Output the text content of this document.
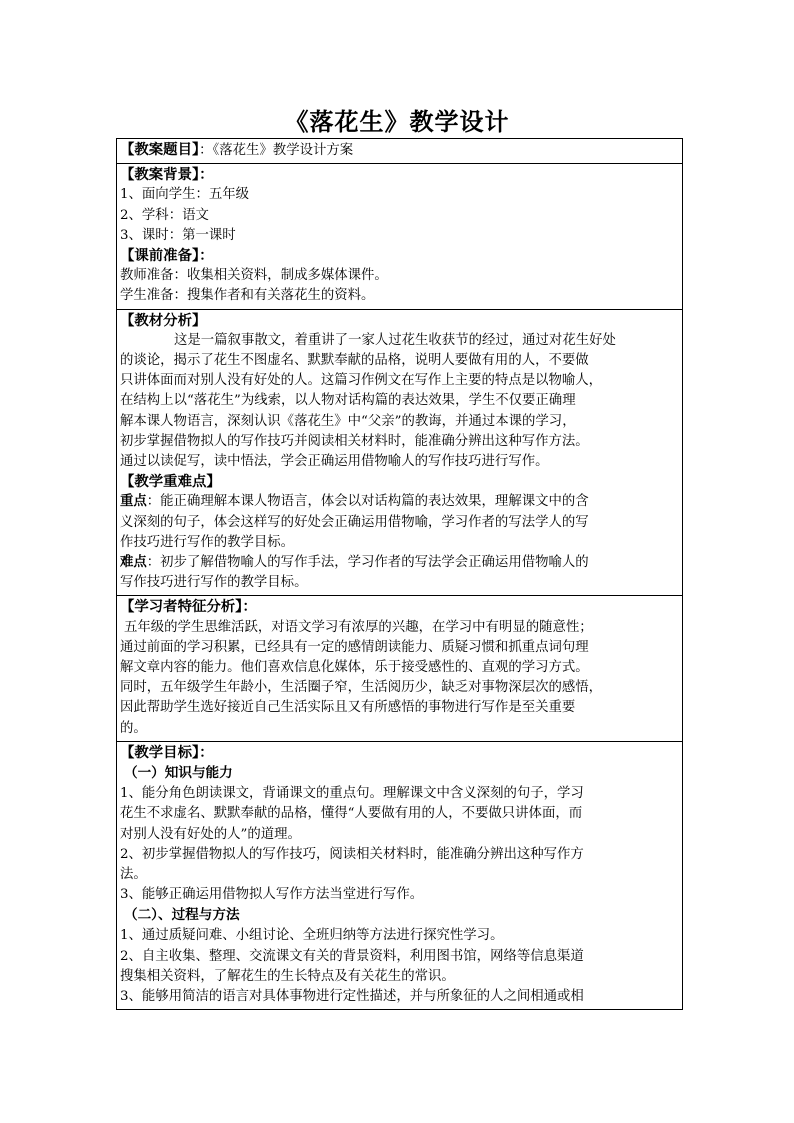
《落花生》教学设计
【教案题目】：《落花生》教学设计方案
【教案背景】：
1、面向学生：五年级
2、学科：语文
3、课时：第一课时
【课前准备】：
教师准备：收集相关资料，制成多媒体课件。
学生准备：搜集作者和有关落花生的资料。
【教材分析】
这是一篇叙事散文，着重讲了一家人过花生收获节的经过，通过对花生好处
的谈论，揭示了花生不图虚名、默默奉献的品格，说明人要做有用的人，不要做
只讲体面而对别人没有好处的人。这篇习作例文在写作上主要的特点是以物喻人，
在结构上以“落花生”为线索，以人物对话构篇的表达效果，学生不仅要正确理
解本课人物语言，深刻认识《落花生》中“父亲”的教诲，并通过本课的学习，
初步掌握借物拟人的写作技巧并阅读相关材料时，能准确分辨出这种写作方法。
通过以读促写，读中悟法，学会正确运用借物喻人的写作技巧进行写作。
【教学重难点】
重点：能正确理解本课人物语言，体会以对话构篇的表达效果，理解课文中的含
义深刻的句子，体会这样写的好处会正确运用借物喻，学习作者的写法学人的写
作技巧进行写作的教学目标。
难点：初步了解借物喻人的写作手法，学习作者的写法学会正确运用借物喻人的
写作技巧进行写作的教学目标。
【学习者特征分析】：
五年级的学生思维活跃，对语文学习有浓厚的兴趣，在学习中有明显的随意性；
通过前面的学习积累，已经具有一定的感情朗读能力、质疑习惯和抓重点词句理
解文章内容的能力。他们喜欢信息化媒体，乐于接受感性的、直观的学习方式。
同时，五年级学生年龄小，生活圈子窄，生活阅历少，缺乏对事物深层次的感悟，
因此帮助学生选好接近自己生活实际且又有所感悟的事物进行写作是至关重要
的。
【教学目标】：
（一）知识与能力
1、能分角色朗读课文，背诵课文的重点句。理解课文中含义深刻的句子，学习
花生不求虚名、默默奉献的品格，懂得“人要做有用的人，不要做只讲体面，而
对别人没有好处的人”的道理。
2、初步掌握借物拟人的写作技巧，阅读相关材料时，能准确分辨出这种写作方
法。
3、能够正确运用借物拟人写作方法当堂进行写作。
（二）、过程与方法
1、通过质疑问难、小组讨论、全班归纳等方法进行探究性学习。
2、自主收集、整理、交流课文有关的背景资料，利用图书馆，网络等信息渠道
搜集相关资料，了解花生的生长特点及有关花生的常识。
3、能够用简洁的语言对具体事物进行定性描述，并与所象征的人之间相通或相
